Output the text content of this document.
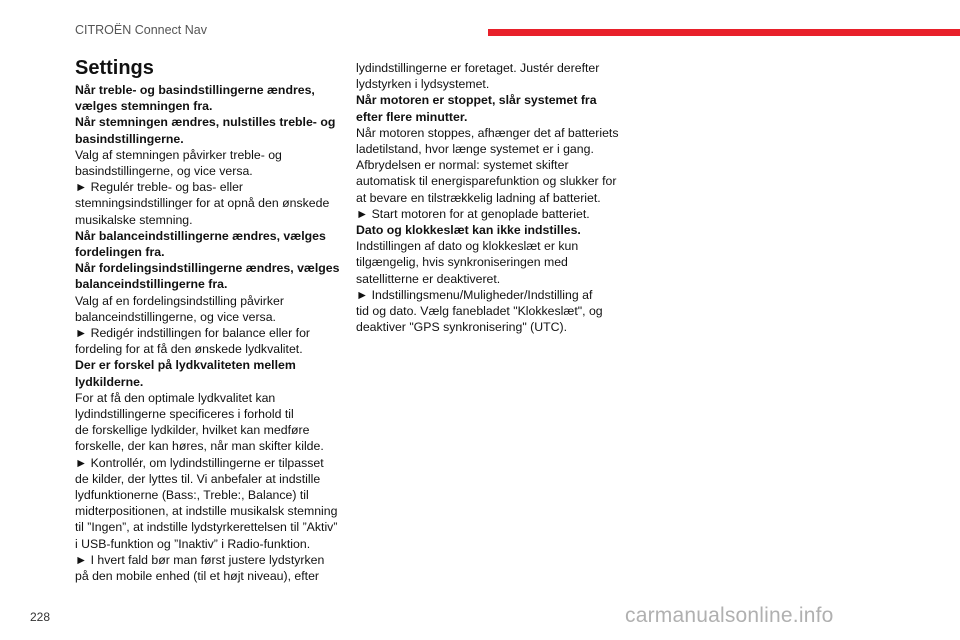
CITROËN Connect Nav
Settings
Når treble- og basindstillingerne ændres,
vælges stemningen fra.
Når stemningen ændres, nulstilles treble- og
basindstillingerne.
Valg af stemningen påvirker treble- og
basindstillingerne, og vice versa.
► Regulér treble- og bas- eller
stemningsindstillinger for at opnå den ønskede
musikalske stemning.
Når balanceindstillingerne ændres, vælges
fordelingen fra.
Når fordelingsindstillingerne ændres, vælges
balanceindstillingerne fra.
Valg af en fordelingsindstilling påvirker
balanceindstillingerne, og vice versa.
► Redigér indstillingen for balance eller for
fordeling for at få den ønskede lydkvalitet.
Der er forskel på lydkvaliteten mellem
lydkilderne.
For at få den optimale lydkvalitet kan
lydindstillingerne specificeres i forhold til
de forskellige lydkilder, hvilket kan medføre
forskelle, der kan høres, når man skifter kilde.
► Kontrollér, om lydindstillingerne er tilpasset
de kilder, der lyttes til. Vi anbefaler at indstille
lydfunktionerne (Bass:, Treble:, Balance) til
midterpositionen, at indstille musikalsk stemning
til ”Ingen”, at indstille lydstyrkerettelsen til ”Aktiv”
i USB-funktion og ”Inaktiv” i Radio-funktion.
► I hvert fald bør man først justere lydstyrken
på den mobile enhed (til et højt niveau), efter
lydindstillingerne er foretaget. Justér derefter
lydstyrken i lydsystemet.
Når motoren er stoppet, slår systemet fra
efter flere minutter.
Når motoren stoppes, afhænger det af batteriets
ladetilstand, hvor længe systemet er i gang.
Afbrydelsen er normal: systemet skifter
automatisk til energisparefunktion og slukker for
at bevare en tilstrækkelig ladning af batteriet.
► Start motoren for at genoplade batteriet.
Dato og klokkeslæt kan ikke indstilles.
Indstillingen af dato og klokkeslæt er kun
tilgængelig, hvis synkroniseringen med
satellitterne er deaktiveret.
► Indstillingsmenu/Muligheder/Indstilling af
tid og dato. Vælg fanebladet "Klokkeslæt", og
deaktiver "GPS synkronisering" (UTC).
228	carmanualsonline.info
